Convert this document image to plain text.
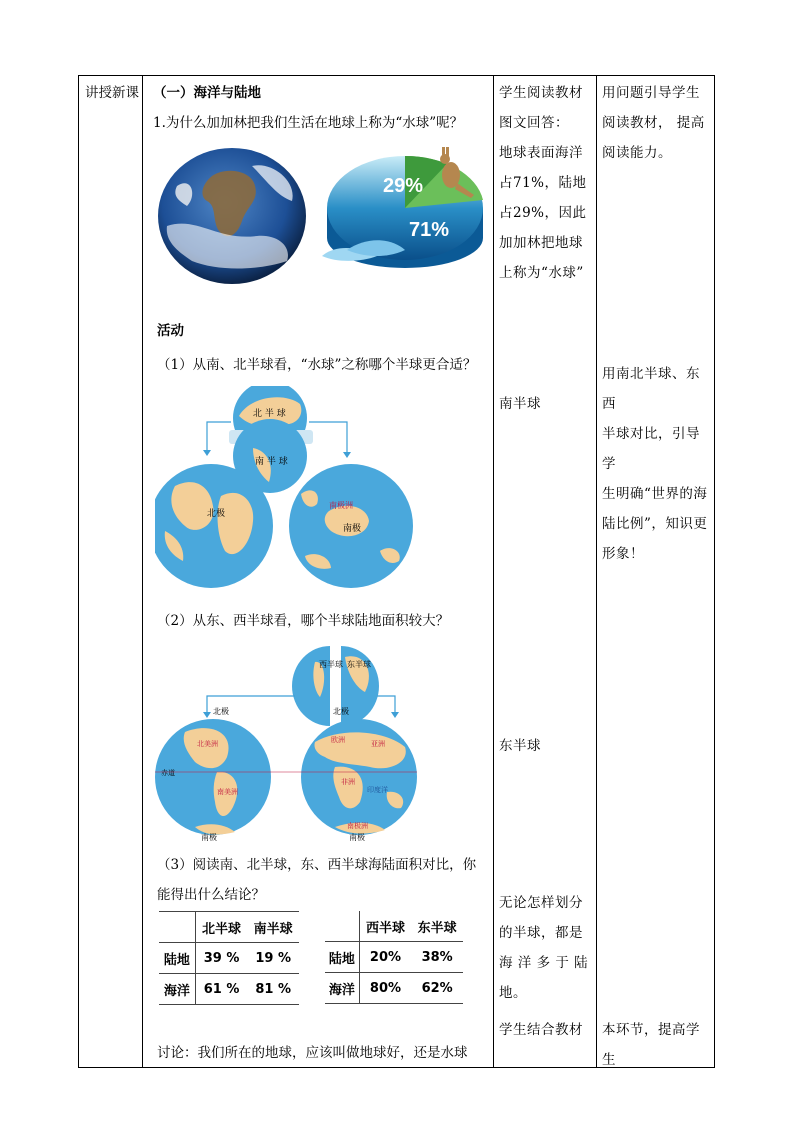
讲授新课 （一）海洋与陆地
1.为什么加加林把我们生活在地球上称为“水球”呢？
29%
71%
活动
（1）从南、北半球看，“水球”之称哪个半球更合适？
北 半 球
南 半 球
北极
南极洲
南极
（2）从东、西半球看，哪个半球陆地面积较大？
西半球 东半球
北极	北极
北美洲
南美洲
赤道
欧洲	亚洲
非洲
印度洋
南极洲
南极	南极
（3）阅读南、北半球，东、西半球海陆面积对比，你
能得出什么结论？
	北半球	南半球
陆地	39 %	19 %
海洋	61 %	81 %
	西半球	东半球
陆地	20%	38%
海洋	80%	62%
讨论：我们所在的地球，应该叫做地球好，还是水球
学生阅读教材
图文回答：
地球表面海洋
占71%，陆地
占29%，因此
加加林把地球
上称为“水球”
南半球
东半球
无论怎样划分
的半球，都是
海 洋 多 于 陆
地。
学生结合教材
用问题引导学生
阅读教材， 提高
阅读能力。
用南北半球、东西
半球对比，引导学
生明确“世界的海
陆比例”，知识更
形象！
本环节，提高学生
